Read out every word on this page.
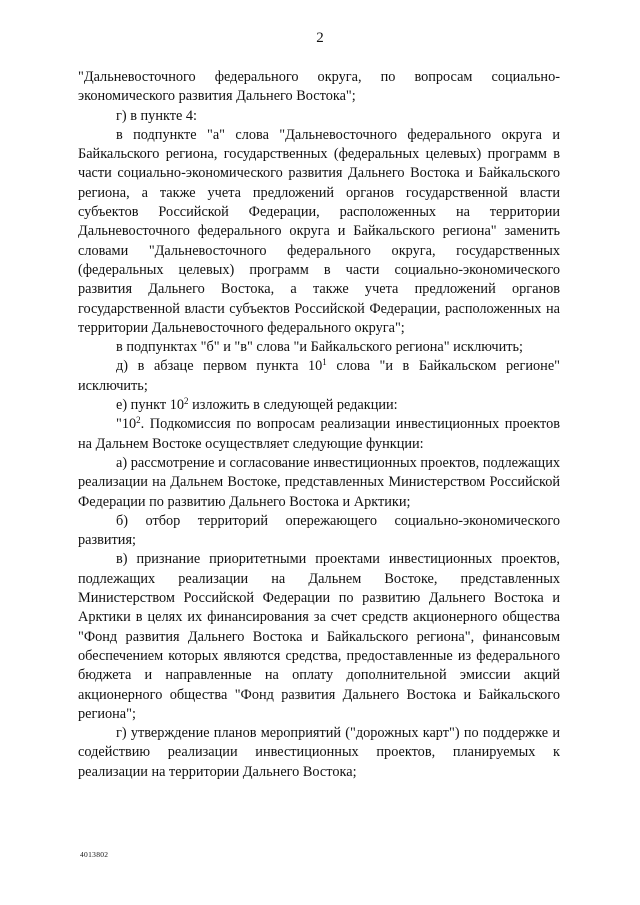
2

"Дальневосточного федерального округа, по вопросам социально-экономического развития Дальнего Востока";

г) в пункте 4:

в подпункте "а" слова "Дальневосточного федерального округа и Байкальского региона, государственных (федеральных целевых) программ в части социально-экономического развития Дальнего Востока и Байкальского региона, а также учета предложений органов государственной власти субъектов Российской Федерации, расположенных на территории Дальневосточного федерального округа и Байкальского региона" заменить словами "Дальневосточного федерального округа, государственных (федеральных целевых) программ в части социально-экономического развития Дальнего Востока, а также учета предложений органов государственной власти субъектов Российской Федерации, расположенных на территории Дальневосточного федерального округа";

в подпунктах "б" и "в" слова "и Байкальского региона" исключить;

д) в абзаце первом пункта $10^1$ слова "и в Байкальском регионе" исключить;

е) пункт $10^2$ изложить в следующей редакции:

"$10^2$. Подкомиссия по вопросам реализации инвестиционных проектов на Дальнем Востоке осуществляет следующие функции:

а) рассмотрение и согласование инвестиционных проектов, подлежащих реализации на Дальнем Востоке, представленных Министерством Российской Федерации по развитию Дальнего Востока и Арктики;

б) отбор территорий опережающего социально-экономического развития;

в) признание приоритетными проектами инвестиционных проектов, подлежащих реализации на Дальнем Востоке, представленных Министерством Российской Федерации по развитию Дальнего Востока и Арктики в целях их финансирования за счет средств акционерного общества "Фонд развития Дальнего Востока и Байкальского региона", финансовым обеспечением которых являются средства, предоставленные из федерального бюджета и направленные на оплату дополнительной эмиссии акций акционерного общества "Фонд развития Дальнего Востока и Байкальского региона";

г) утверждение планов мероприятий ("дорожных карт") по поддержке и содействию реализации инвестиционных проектов, планируемых к реализации на территории Дальнего Востока;

4013802
